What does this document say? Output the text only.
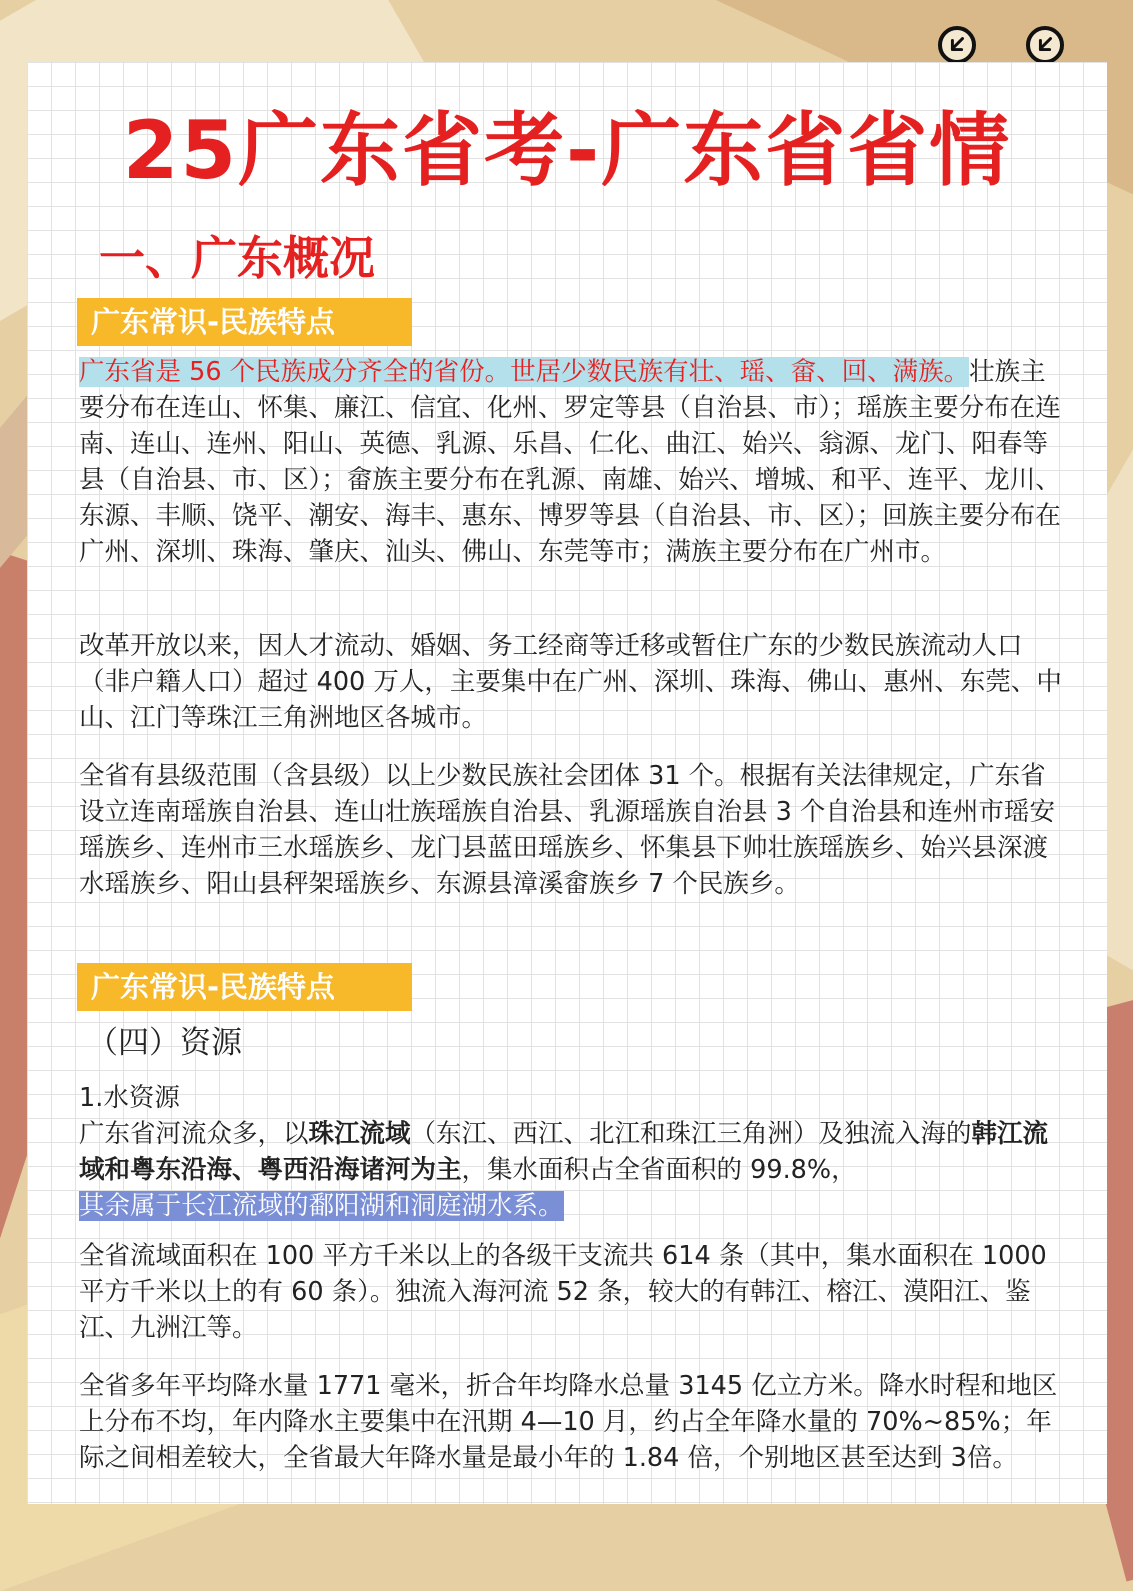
25广东省考-广东省省情
一、广东概况
广东常识-民族特点

广东省是 56 个民族成分齐全的省份。世居少数民族有壮、瑶、畲、回、满族。壮族主要分布在连山、怀集、廉江、信宜、化州、罗定等县（自治县、市）；瑶族主要分布在连南、连山、连州、阳山、英德、乳源、乐昌、仁化、曲江、始兴、翁源、龙门、阳春等县（自治县、市、区）；畲族主要分布在乳源、南雄、始兴、增城、和平、连平、龙川、东源、丰顺、饶平、潮安、海丰、惠东、博罗等县（自治县、市、区）；回族主要分布在广州、深圳、珠海、肇庆、汕头、佛山、东莞等市；满族主要分布在广州市。

改革开放以来，因人才流动、婚姻、务工经商等迁移或暂住广东的少数民族流动人口（非户籍人口）超过 400 万人，主要集中在广州、深圳、珠海、佛山、惠州、东莞、中山、江门等珠江三角洲地区各城市。

全省有县级范围（含县级）以上少数民族社会团体 31 个。根据有关法律规定，广东省设立连南瑶族自治县、连山壮族瑶族自治县、乳源瑶族自治县 3 个自治县和连州市瑶安瑶族乡、连州市三水瑶族乡、龙门县蓝田瑶族乡、怀集县下帅壮族瑶族乡、始兴县深渡水瑶族乡、阳山县秤架瑶族乡、东源县漳溪畲族乡 7 个民族乡。

广东常识-民族特点

（四）资源

1.水资源
广东省河流众多，以珠江流域（东江、西江、北江和珠江三角洲）及独流入海的韩江流域和粤东沿海、粤西沿海诸河为主，集水面积占全省面积的 99.8%，
其余属于长江流域的鄱阳湖和洞庭湖水系。

全省流域面积在 100 平方千米以上的各级干支流共 614 条（其中，集水面积在 1000 平方千米以上的有 60 条）。独流入海河流 52 条，较大的有韩江、榕江、漠阳江、鉴江、九洲江等。

全省多年平均降水量 1771 毫米，折合年均降水总量 3145 亿立方米。降水时程和地区上分布不均，年内降水主要集中在汛期 4—10 月，约占全年降水量的 70%~85%；年际之间相差较大，全省最大年降水量是最小年的 1.84 倍，个别地区甚至达到 3倍。
